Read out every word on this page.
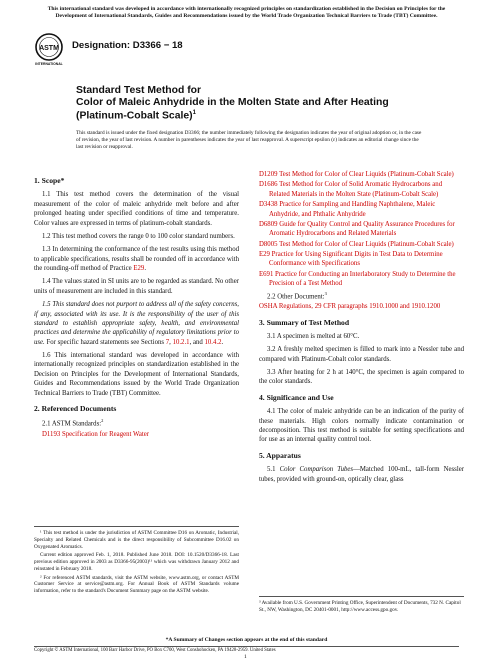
This international standard was developed in accordance with internationally recognized principles on standardization established in the Decision on Principles for the Development of International Standards, Guides and Recommendations issued by the World Trade Organization Technical Barriers to Trade (TBT) Committee.
ASTM
INTERNATIONAL
Designation: D3366 − 18
Standard Test Method for
Color of Maleic Anhydride in the Molten State and After Heating (Platinum-Cobalt Scale)$^1$
This standard is issued under the fixed designation D3366; the number immediately following the designation indicates the year of original adoption or, in the case of revision, the year of last revision. A number in parentheses indicates the year of last reapproval. A superscript epsilon (ε) indicates an editorial change since the last revision or reapproval.
1. Scope*

1.1 This test method covers the determination of the visual measurement of the color of maleic anhydride melt before and after prolonged heating under specified conditions of time and temperature. Color values are expressed in terms of platinum-cobalt standards.

1.2 This test method covers the range 0 to 100 color standard numbers.

1.3 In determining the conformance of the test results using this method to applicable specifications, results shall be rounded off in accordance with the rounding-off method of Practice E29.

1.4 The values stated in SI units are to be regarded as standard. No other units of measurement are included in this standard.

1.5 This standard does not purport to address all of the safety concerns, if any, associated with its use. It is the responsibility of the user of this standard to establish appropriate safety, health, and environmental practices and determine the applicability of regulatory limitations prior to use. For specific hazard statements see Sections 7, 10.2.1, and 10.4.2.

1.6 This international standard was developed in accordance with internationally recognized principles on standardization established in the Decision on Principles for the Development of International Standards, Guides and Recommendations issued by the World Trade Organization Technical Barriers to Trade (TBT) Committee.

2. Referenced Documents

2.1 ASTM Standards:$^2$

D1193 Specification for Reagent Water

¹ This test method is under the jurisdiction of ASTM Committee D16 on Aromatic, Industrial, Specialty and Related Chemicals and is the direct responsibility of Subcommittee D16.02 on Oxygenated Aromatics.

Current edition approved Feb. 1, 2018. Published June 2018. DOI: 10.1520/D3366-18. Last previous edition approved in 2003 as D3366-95(2003)¹¹ which was withdrawn January 2012 and reinstated in February 2018.

² For referenced ASTM standards, visit the ASTM website, www.astm.org, or contact ASTM Customer Service at service@astm.org. For Annual Book of ASTM Standards volume information, refer to the standard's Document Summary page on the ASTM website.

D1209 Test Method for Color of Clear Liquids (Platinum-Cobalt Scale)
D1686 Test Method for Color of Solid Aromatic Hydrocarbons and Related Materials in the Molten State (Platinum-Cobalt Scale)
D3438 Practice for Sampling and Handling Naphthalene, Maleic Anhydride, and Phthalic Anhydride
D6809 Guide for Quality Control and Quality Assurance Procedures for Aromatic Hydrocarbons and Related Materials
D8005 Test Method for Color of Clear Liquids (Platinum-Cobalt Scale)
E29 Practice for Using Significant Digits in Test Data to Determine Conformance with Specifications
E691 Practice for Conducting an Interlaboratory Study to Determine the Precision of a Test Method

2.2 Other Document:$^3$

OSHA Regulations, 29 CFR paragraphs 1910.1000 and 1910.1200

3. Summary of Test Method

3.1 A specimen is melted at 60°C.

3.2 A freshly melted specimen is filled to mark into a Nessler tube and compared with Platinum-Cobalt color standards.

3.3 After heating for 2 h at 140°C, the specimen is again compared to the color standards.

4. Significance and Use

4.1 The color of maleic anhydride can be an indication of the purity of these materials. High colors normally indicate contamination or decomposition. This test method is suitable for setting specifications and for use as an internal quality control tool.

5. Apparatus

5.1 Color Comparison Tubes—Matched 100-mL, tall-form Nessler tubes, provided with ground-on, optically clear, glass

³ Available from U.S. Government Printing Office, Superintendent of Documents, 732 N. Capitol St., NW, Washington, DC 20401-0001, http://www.access.gpo.gov.
*A Summary of Changes section appears at the end of this standard
Copyright © ASTM International, 100 Barr Harbor Drive, PO Box C700, West Conshohocken, PA 19428-2959. United States
1
